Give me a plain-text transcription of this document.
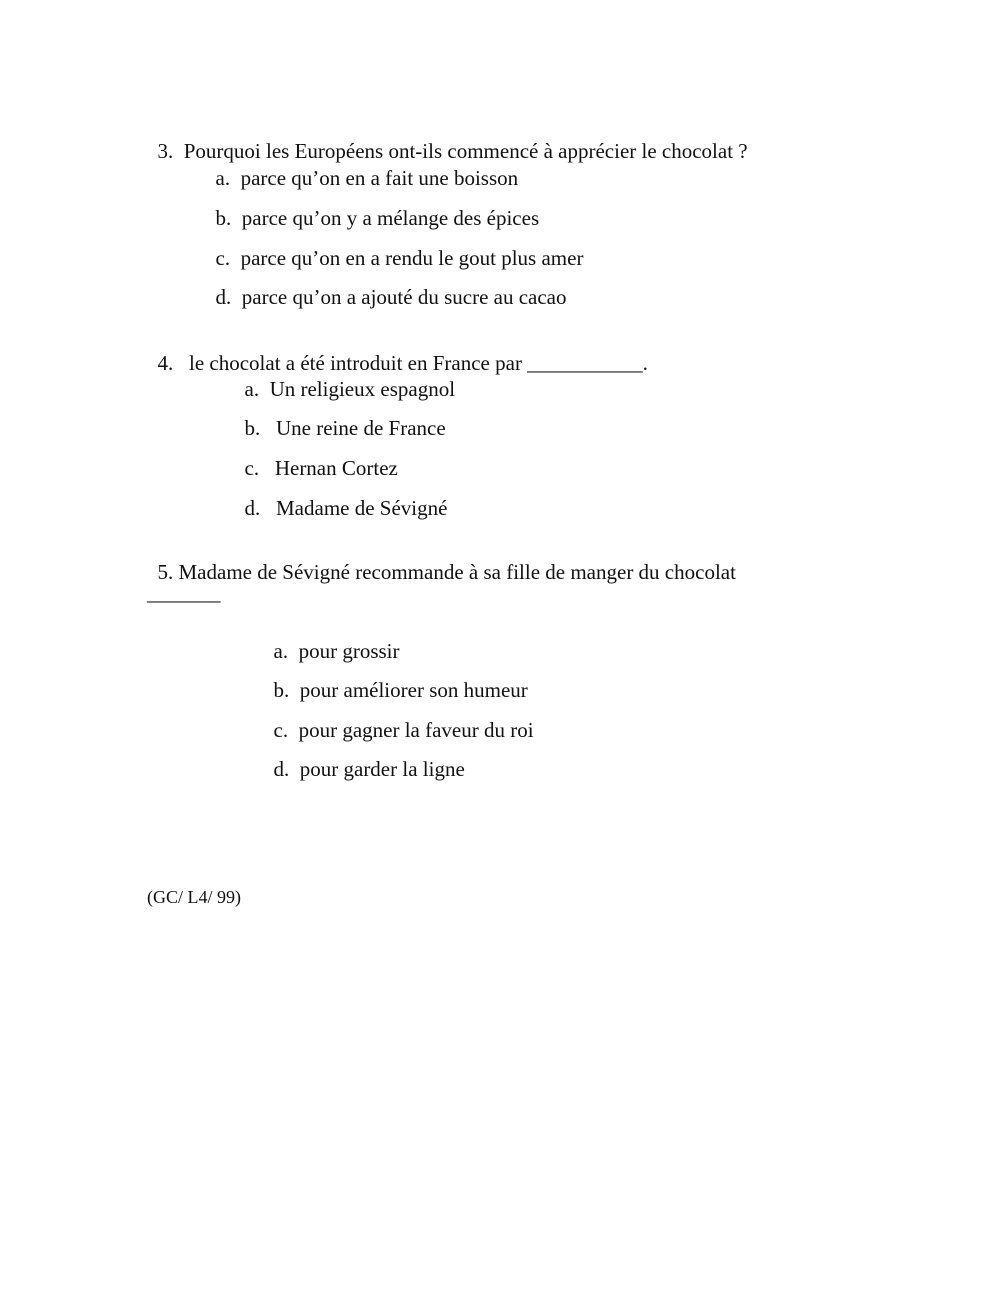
3. Pourquoi les Européens ont-ils commencé à apprécier le chocolat ?

a. parce qu’on en a fait une boisson

b. parce qu’on y a mélange des épices

c. parce qu’on en a rendu le gout plus amer

d. parce qu’on a ajouté du sucre au cacao

4. le chocolat a été introduit en France par ___________.

a. Un religieux espagnol

b. Une reine de France

c. Hernan Cortez

d. Madame de Sévigné

5. Madame de Sévigné recommande à sa fille de manger du chocolat

_______

a. pour grossir

b. pour améliorer son humeur

c. pour gagner la faveur du roi

d. pour garder la ligne

(GC/ L4/ 99)
